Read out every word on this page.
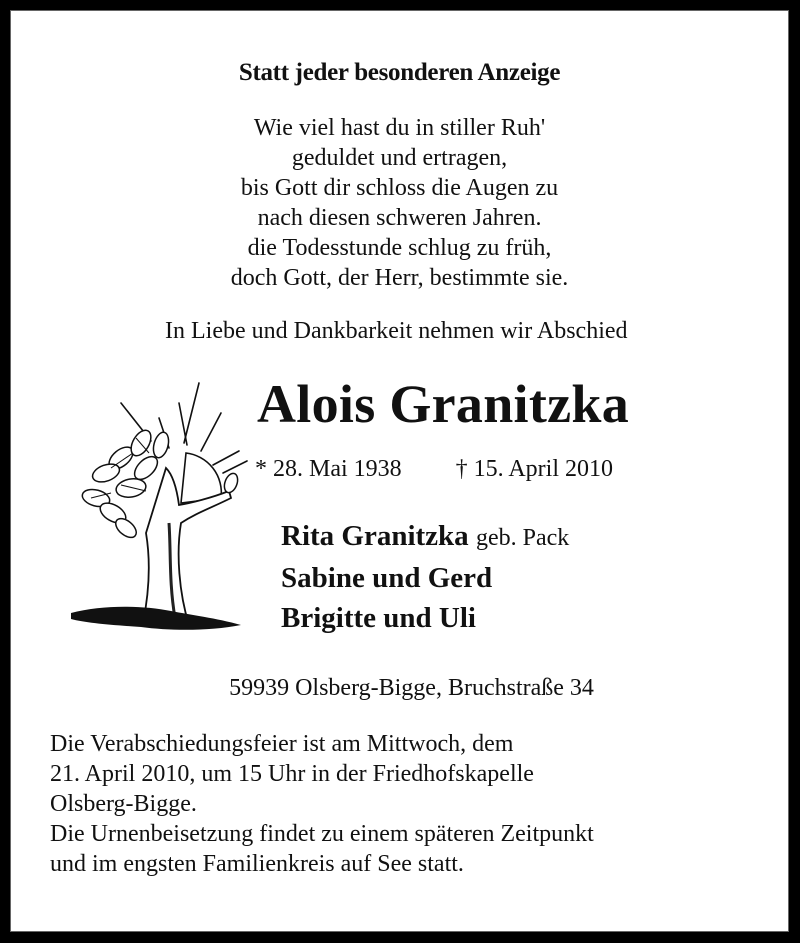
Statt jeder besonderen Anzeige
Wie viel hast du in stiller Ruh'
geduldet und ertragen,
bis Gott dir schloss die Augen zu
nach diesen schweren Jahren.
die Todesstunde schlug zu früh,
doch Gott, der Herr, bestimmte sie.
In Liebe und Dankbarkeit nehmen wir Abschied
Alois Granitzka
* 28. Mai 1938 † 15. April 2010
Rita Granitzka geb. Pack
Sabine und Gerd
Brigitte und Uli
59939 Olsberg-Bigge, Bruchstraße 34
Die Verabschiedungsfeier ist am Mittwoch, dem
21. April 2010, um 15 Uhr in der Friedhofskapelle
Olsberg-Bigge.
Die Urnenbeisetzung findet zu einem späteren Zeitpunkt
und im engsten Familienkreis auf See statt.
